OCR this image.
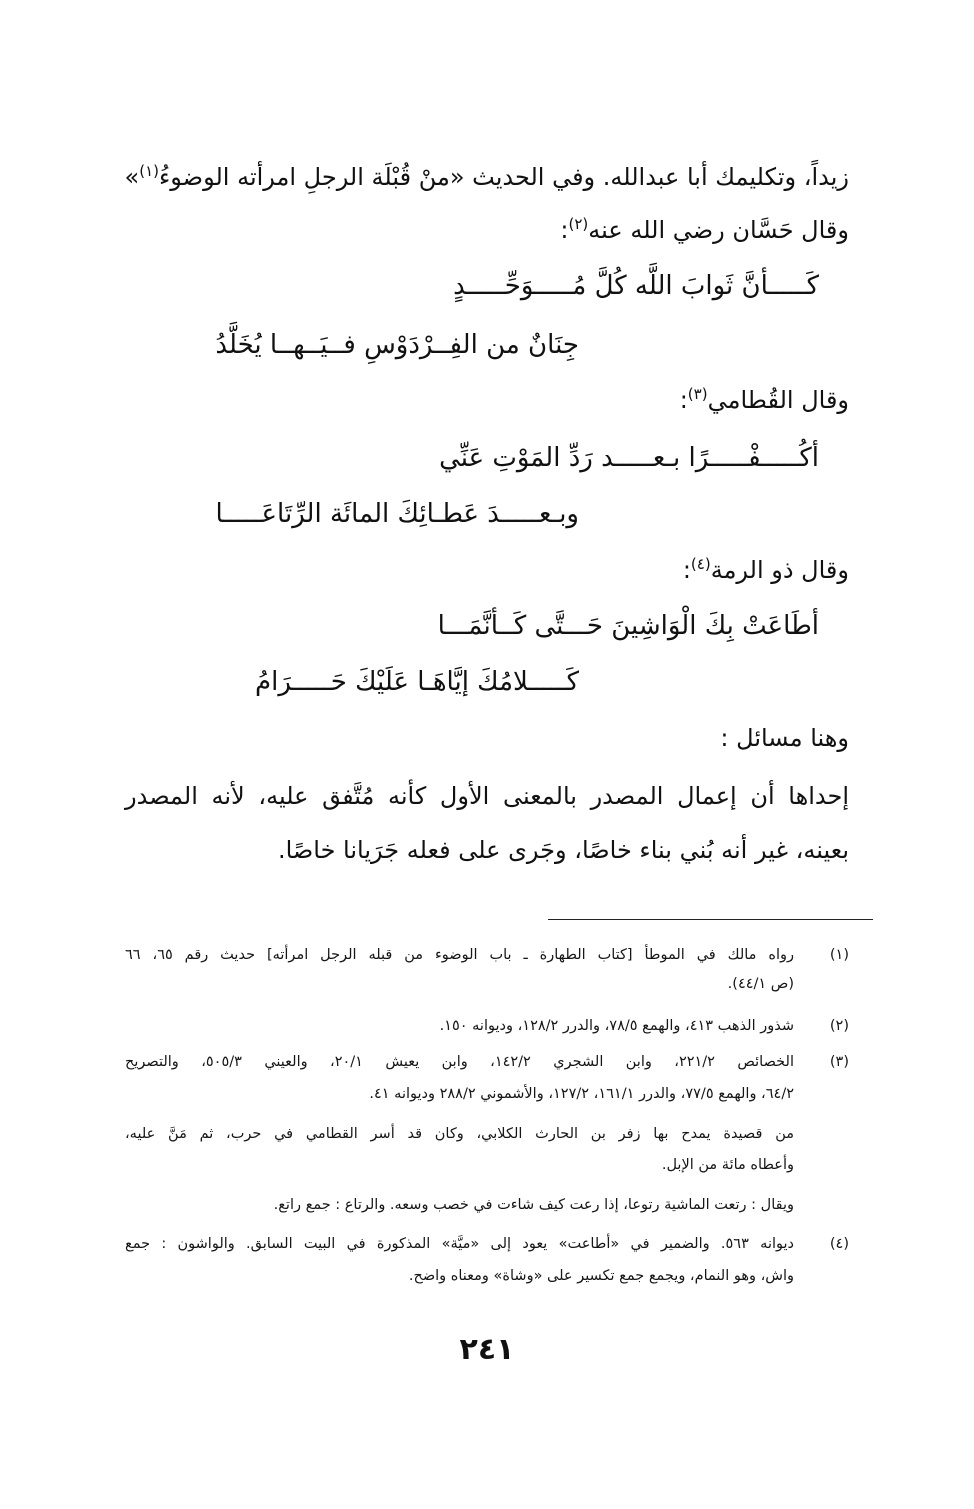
زيداً، وتكليمك أبا عبدالله. وفي الحديث «منْ قُبْلَة الرجلِ امرأته الوضوءُ$^{(١)}$»
وقال حَسَّان رضي الله عنه$^{(٢)}$:
كَـــــأنَّ ثَوابَ اللَّه كُلَّ مُـــــوَحِّـــــدٍ
جِنَانٌ من الفِــرْدَوْسِ فــيَــهــا يُخَلَّدُ
وقال القُطامي$^{(٣)}$:
أكُـــــفْـــــرًا بـعـــــد رَدِّ المَوْتِ عَنِّي
وبـعـــــدَ عَطـائِكَ المائَة الرِّتَاعَـــــا
وقال ذو الرمة$^{(٤)}$:
أطَاعَتْ بِكَ الْوَاشِينَ حَـــتَّى كَــأنَّمَـــا
كَـــــلامُكَ إيَّاهَـا عَلَيْكَ حَـــــرَامُ
وهنا مسائل :
إحداها أن إعمال المصدر بالمعنى الأول كأنه مُتَّفق عليه، لأنه المصدر
بعينه، غير أنه بُني بناء خاصًا، وجَرى على فعله جَرَيانا خاصًا.
(١)
رواه مالك في الموطأ [كتاب الطهارة ـ باب الوضوء من قبله الرجل امرأته] حديث رقم ٦٥، ٦٦
(ص ٤٤/١).
(٢)
شذور الذهب ٤١٣، والهمع ٧٨/٥، والدرر ١٢٨/٢، وديوانه ١٥٠.
(٣)
الخصائص ٢٢١/٢، وابن الشجري ١٤٢/٢، وابن يعيش ٢٠/١، والعيني ٥٠٥/٣، والتصريح
٦٤/٢، والهمع ٧٧/٥، والدرر ١٦١/١، ١٢٧/٢، والأشموني ٢٨٨/٢ وديوانه ٤١.
من قصيدة يمدح بها زفر بن الحارث الكلابي، وكان قد أسر القطامي في حرب، ثم مَنَّ عليه،
وأعطاه مائة من الإبل.
ويقال : رتعت الماشية رتوعا، إذا رعت كيف شاءت في خصب وسعه. والرتاع : جمع راتع.
(٤)
ديوانه ٥٦٣. والضمير في «أطاعت» يعود إلى «ميَّة» المذكورة في البيت السابق. والواشون : جمع
واش، وهو النمام، ويجمع جمع تكسير على «وشاة» ومعناه واضح.
٢٤١
